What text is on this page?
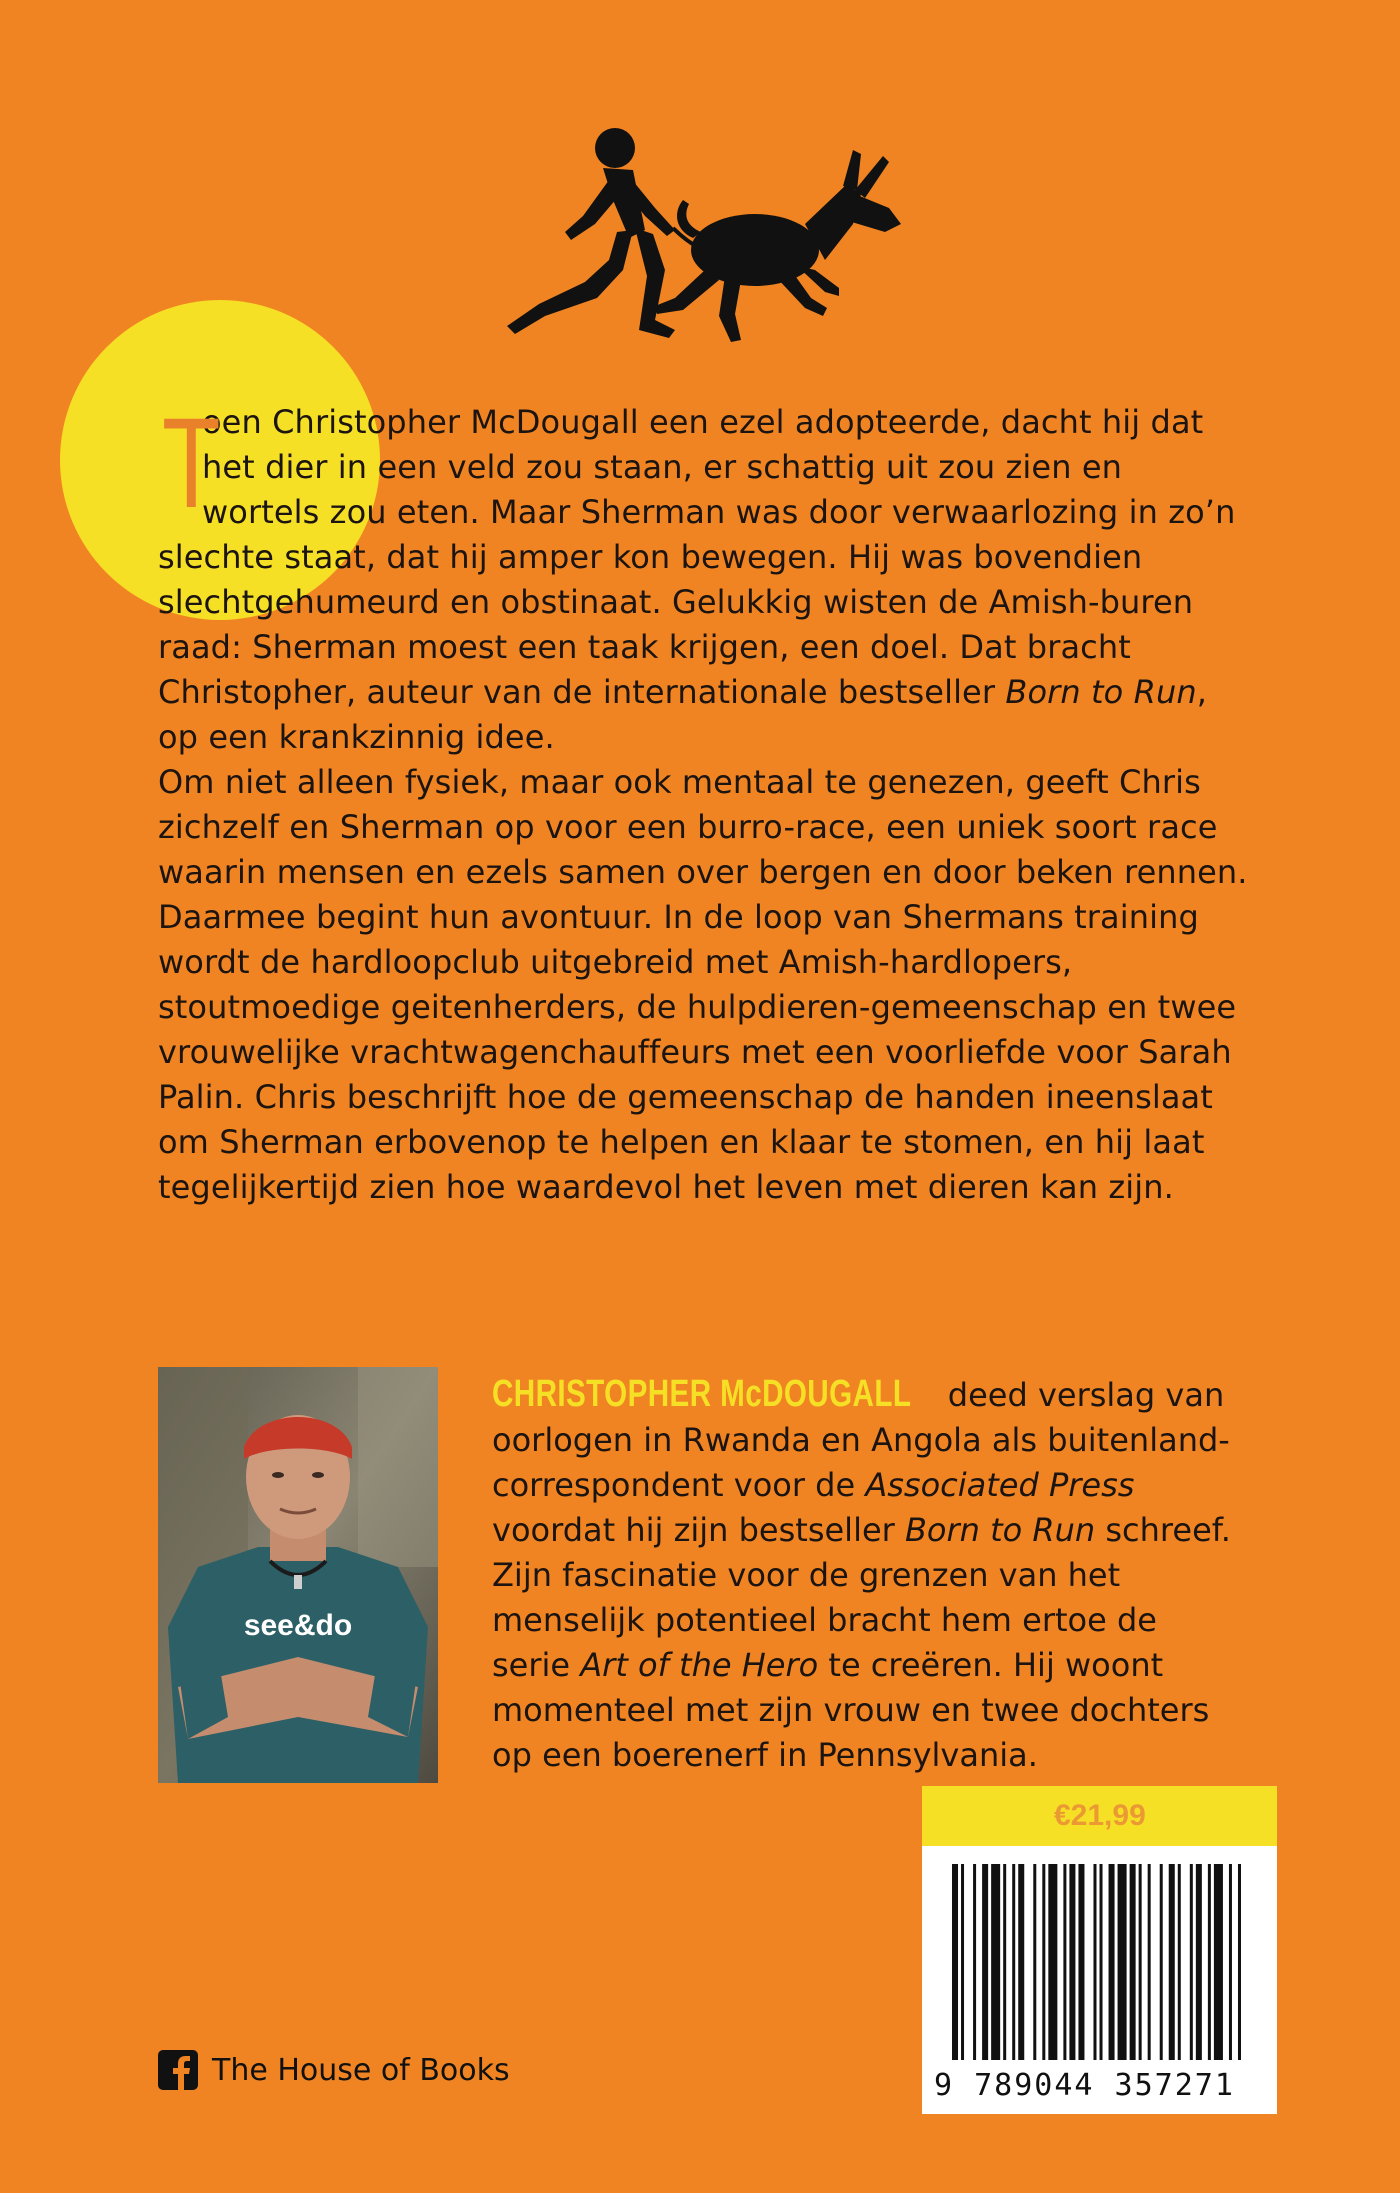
T
oen Christopher McDougall een ezel adopteerde, dacht hij dat het dier in een veld zou staan, er schattig uit zou zien en wortels zou eten. Maar Sherman was door verwaarlozing in zo’n slechte staat, dat hij amper kon bewegen. Hij was bovendien slechtgehumeurd en obstinaat. Gelukkig wisten de Amish-buren raad: Sherman moest een taak krijgen, een doel. Dat bracht Christopher, auteur van de internationale bestseller Born to Run, op een krankzinnig idee.

Om niet alleen fysiek, maar ook mentaal te genezen, geeft Chris zichzelf en Sherman op voor een burro-race, een uniek soort race waarin mensen en ezels samen over bergen en door beken rennen. Daarmee begint hun avontuur. In de loop van Shermans training wordt de hardloopclub uitgebreid met Amish-hardlopers, stoutmoedige geitenherders, de hulpdieren-gemeenschap en twee vrouwelijke vrachtwagenchauffeurs met een voorliefde voor Sarah Palin. Chris beschrijft hoe de gemeenschap de handen ineenslaat om Sherman erbovenop te helpen en klaar te stomen, en hij laat tegelijkertijd zien hoe waardevol het leven met dieren kan zijn.

see&do

CHRISTOPHER McDOUGALL deed verslag van oorlogen in Rwanda en Angola als buitenlandcorrespondent voor de Associated Press voordat hij zijn bestseller Born to Run schreef. Zijn fascinatie voor de grenzen van het menselijk potentieel bracht hem ertoe de serie Art of the Hero te creëren. Hij woont momenteel met zijn vrouw en twee dochters op een boerenerf in Pennsylvania.

€21,99
9 789044 357271
The House of Books
